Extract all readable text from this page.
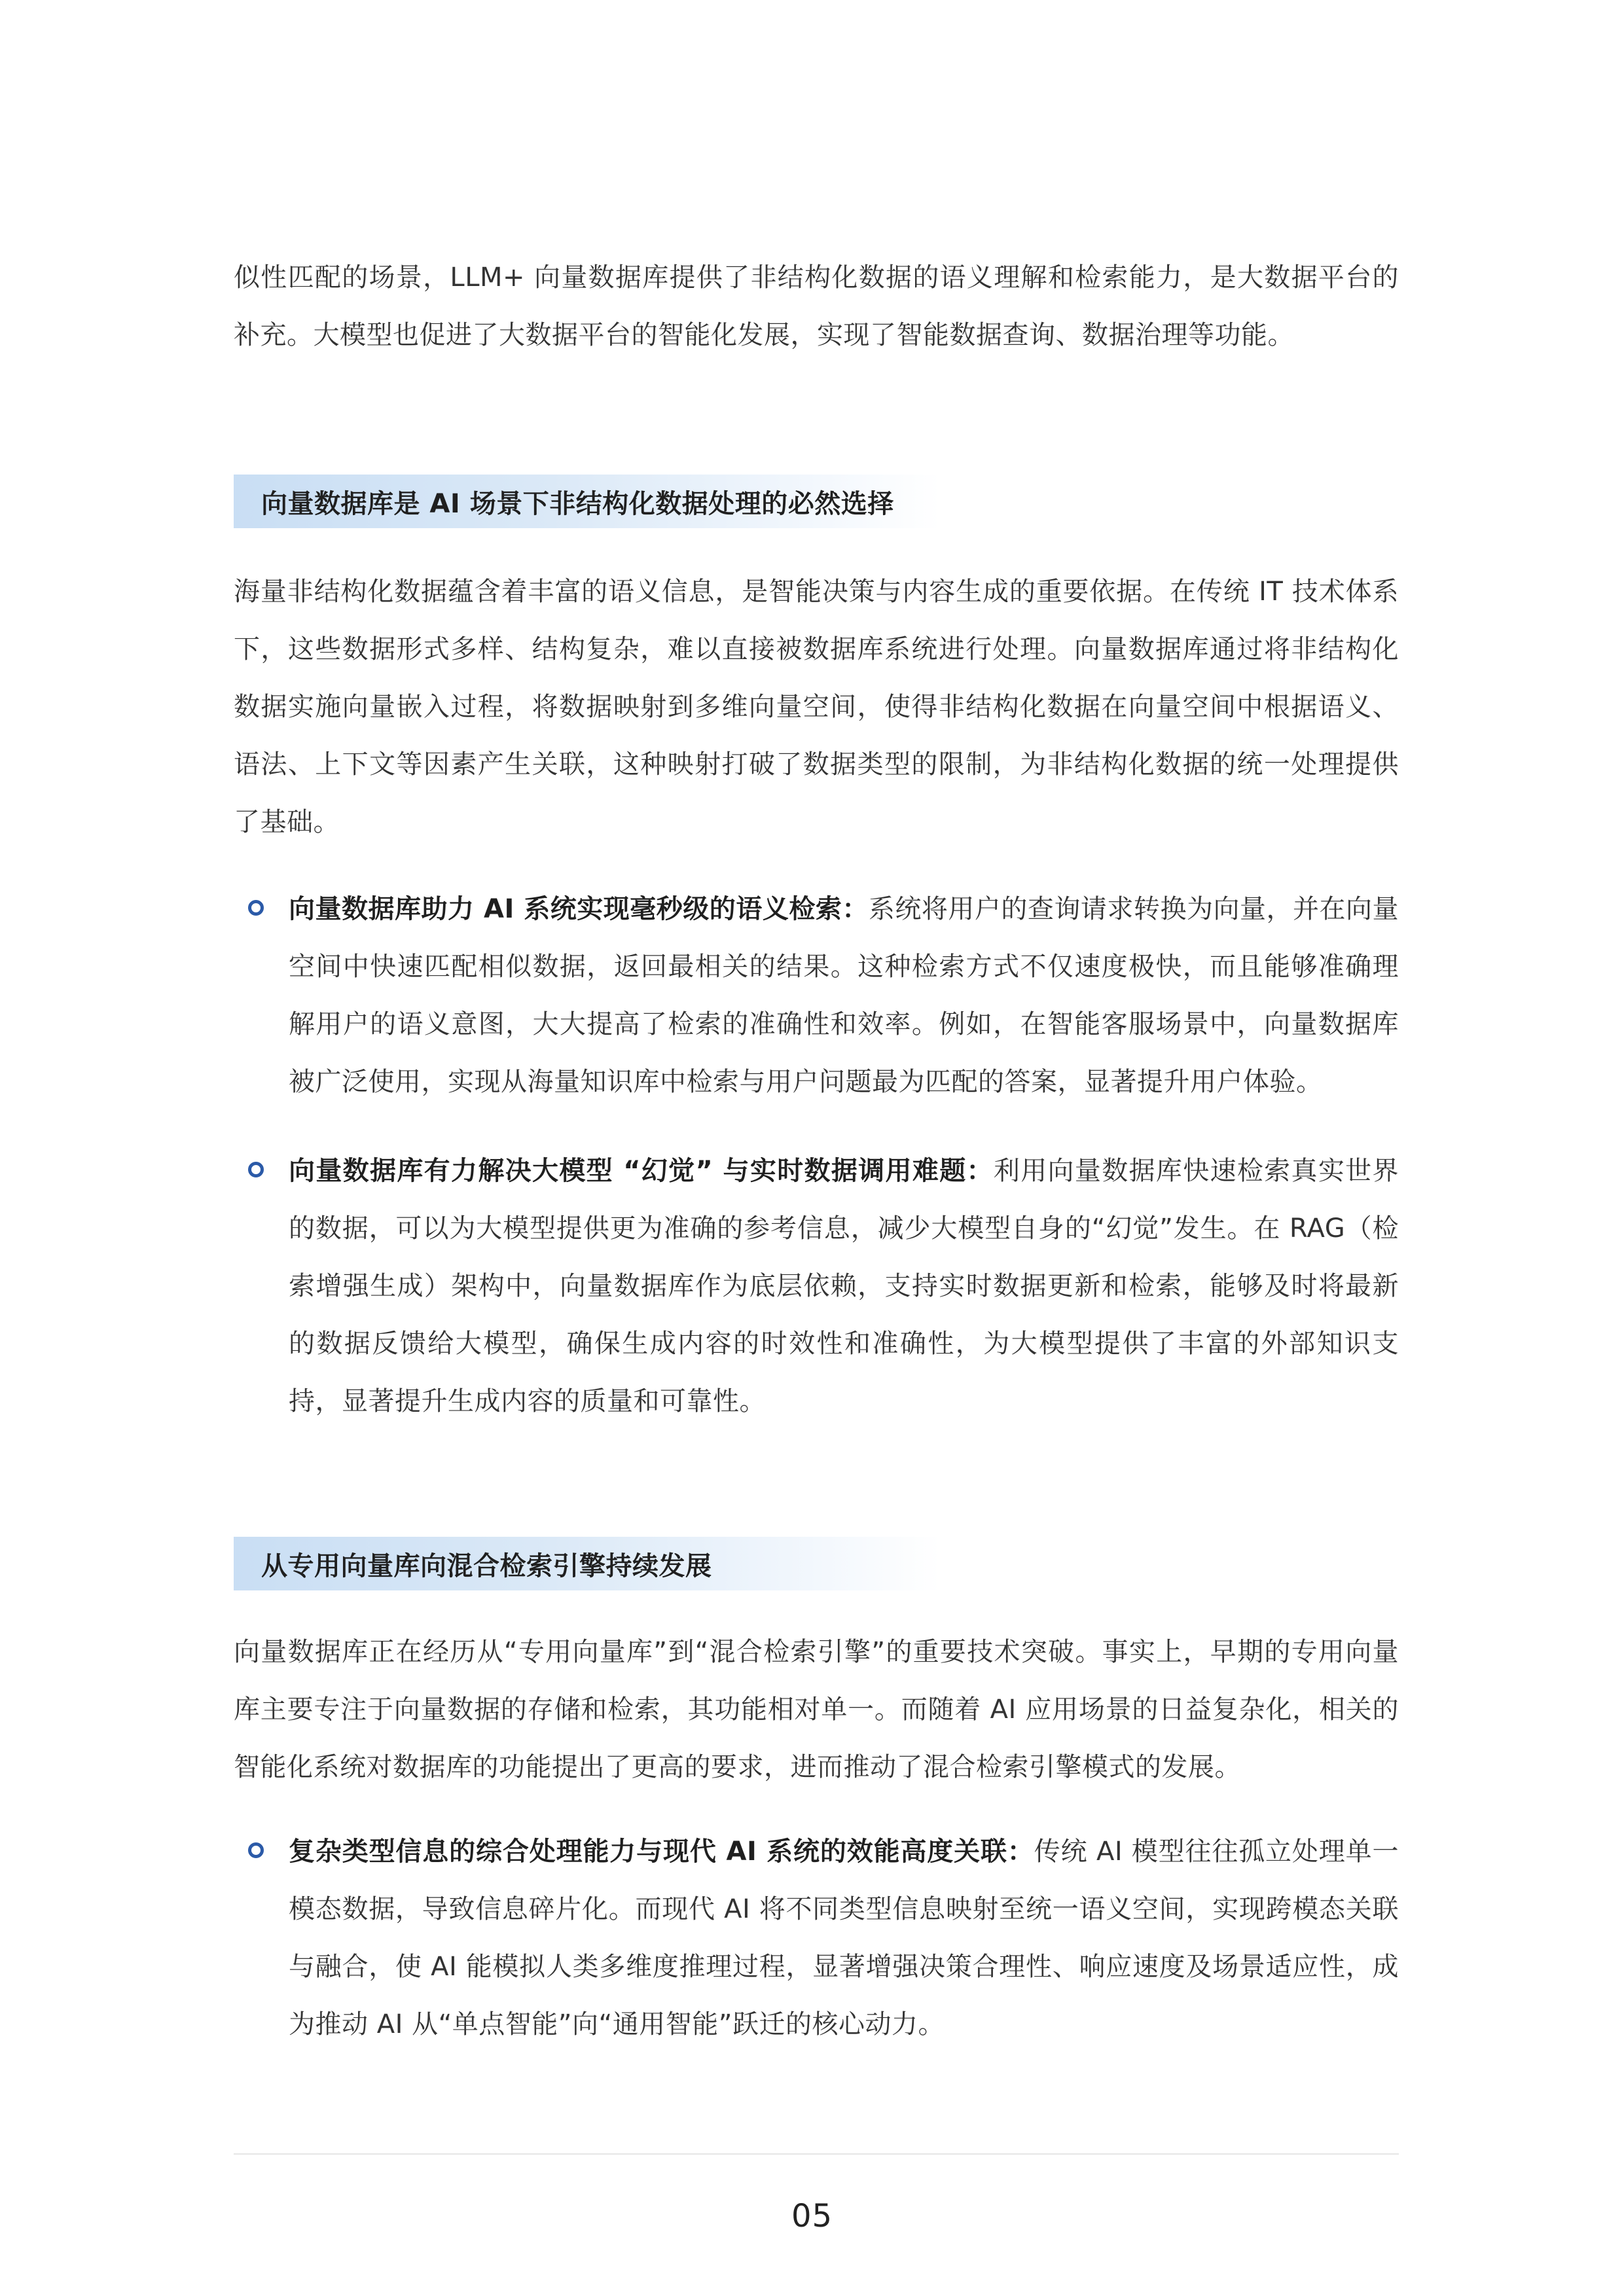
似性匹配的场景，LLM+ 向量数据库提供了非结构化数据的语义理解和检索能力，是大数据平台的补充。大模型也促进了大数据平台的智能化发展，实现了智能数据查询、数据治理等功能。

向量数据库是 AI 场景下非结构化数据处理的必然选择

海量非结构化数据蕴含着丰富的语义信息，是智能决策与内容生成的重要依据。在传统 IT 技术体系下，这些数据形式多样、结构复杂，难以直接被数据库系统进行处理。向量数据库通过将非结构化数据实施向量嵌入过程，将数据映射到多维向量空间，使得非结构化数据在向量空间中根据语义、语法、上下文等因素产生关联，这种映射打破了数据类型的限制，为非结构化数据的统一处理提供了基础。

向量数据库助力 AI 系统实现毫秒级的语义检索：系统将用户的查询请求转换为向量，并在向量空间中快速匹配相似数据，返回最相关的结果。这种检索方式不仅速度极快，而且能够准确理解用户的语义意图，大大提高了检索的准确性和效率。例如，在智能客服场景中，向量数据库被广泛使用，实现从海量知识库中检索与用户问题最为匹配的答案，显著提升用户体验。

向量数据库有力解决大模型 “幻觉” 与实时数据调用难题：利用向量数据库快速检索真实世界的数据，可以为大模型提供更为准确的参考信息，减少大模型自身的“幻觉”发生。在 RAG（检索增强生成）架构中，向量数据库作为底层依赖，支持实时数据更新和检索，能够及时将最新的数据反馈给大模型，确保生成内容的时效性和准确性，为大模型提供了丰富的外部知识支持，显著提升生成内容的质量和可靠性。

从专用向量库向混合检索引擎持续发展

向量数据库正在经历从“专用向量库”到“混合检索引擎”的重要技术突破。事实上，早期的专用向量库主要专注于向量数据的存储和检索，其功能相对单一。而随着 AI 应用场景的日益复杂化，相关的智能化系统对数据库的功能提出了更高的要求，进而推动了混合检索引擎模式的发展。

复杂类型信息的综合处理能力与现代 AI 系统的效能高度关联：传统 AI 模型往往孤立处理单一模态数据，导致信息碎片化。而现代 AI 将不同类型信息映射至统一语义空间，实现跨模态关联与融合，使 AI 能模拟人类多维度推理过程，显著增强决策合理性、响应速度及场景适应性，成为推动 AI 从“单点智能”向“通用智能”跃迁的核心动力。

05
